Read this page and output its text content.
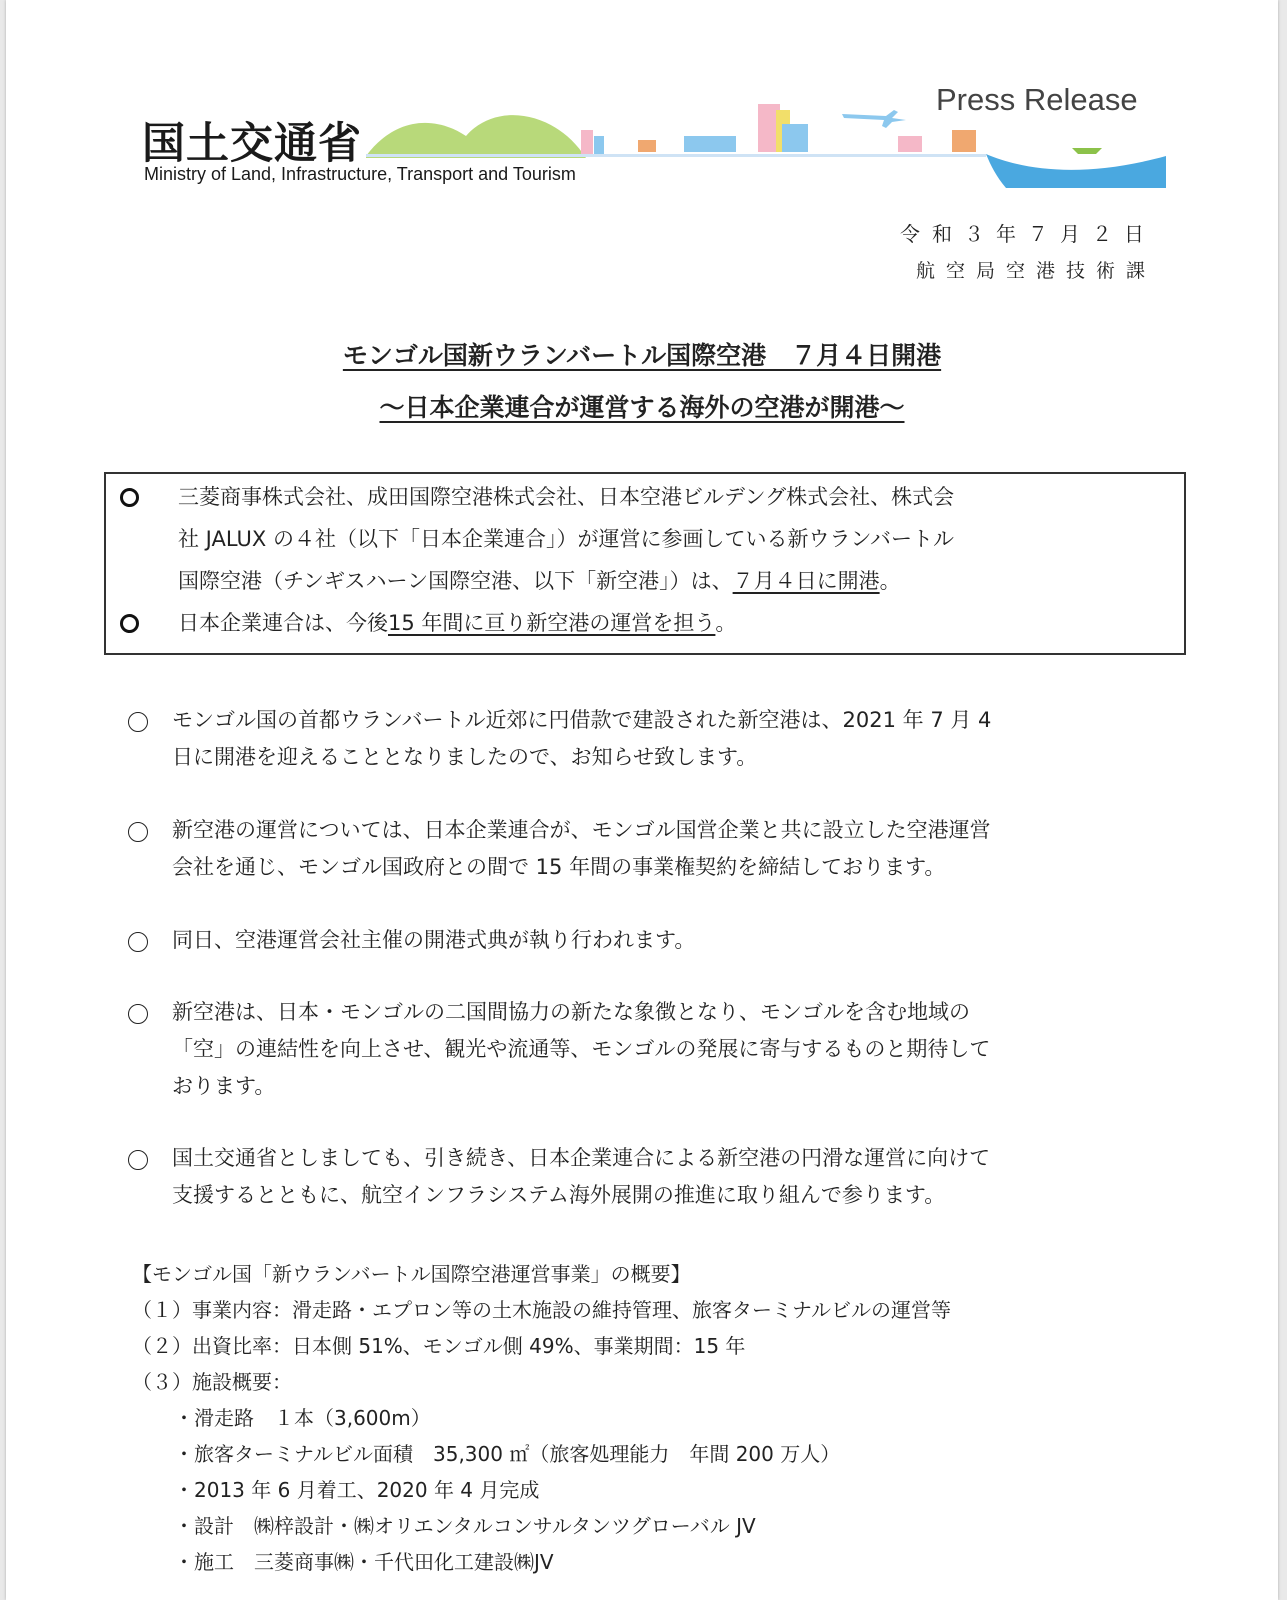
国土交通省
Ministry of Land, Infrastructure, Transport and Tourism
Press Release
令和３年７月２日
航空局空港技術課
モンゴル国新ウランバートル国際空港　７月４日開港
～日本企業連合が運営する海外の空港が開港～
三菱商事株式会社、成田国際空港株式会社、日本空港ビルデング株式会社、株式会
社 JALUX の４社（以下「日本企業連合」）が運営に参画している新ウランバートル
国際空港（チンギスハーン国際空港、以下「新空港」）は、７月４日に開港。
日本企業連合は、今後15 年間に亘り新空港の運営を担う。
モンゴル国の首都ウランバートル近郊に円借款で建設された新空港は、2021 年 7 月 4
日に開港を迎えることとなりましたので、お知らせ致します。
新空港の運営については、日本企業連合が、モンゴル国営企業と共に設立した空港運営
会社を通じ、モンゴル国政府との間で 15 年間の事業権契約を締結しております。
同日、空港運営会社主催の開港式典が執り行われます。
新空港は、日本・モンゴルの二国間協力の新たな象徴となり、モンゴルを含む地域の
「空」の連結性を向上させ、観光や流通等、モンゴルの発展に寄与するものと期待して
おります。
国土交通省としましても、引き続き、日本企業連合による新空港の円滑な運営に向けて
支援するとともに、航空インフラシステム海外展開の推進に取り組んで参ります。
【モンゴル国「新ウランバートル国際空港運営事業」の概要】
（１）事業内容：滑走路・エプロン等の土木施設の維持管理、旅客ターミナルビルの運営等
（２）出資比率：日本側 51%、モンゴル側 49%、事業期間：15 年
（３）施設概要：
・滑走路　１本（3,600m）
・旅客ターミナルビル面積　35,300 ㎡（旅客処理能力　年間 200 万人）
・2013 年 6 月着工、2020 年 4 月完成
・設計　㈱梓設計・㈱オリエンタルコンサルタンツグローバル JV
・施工　三菱商事㈱・千代田化工建設㈱JV
